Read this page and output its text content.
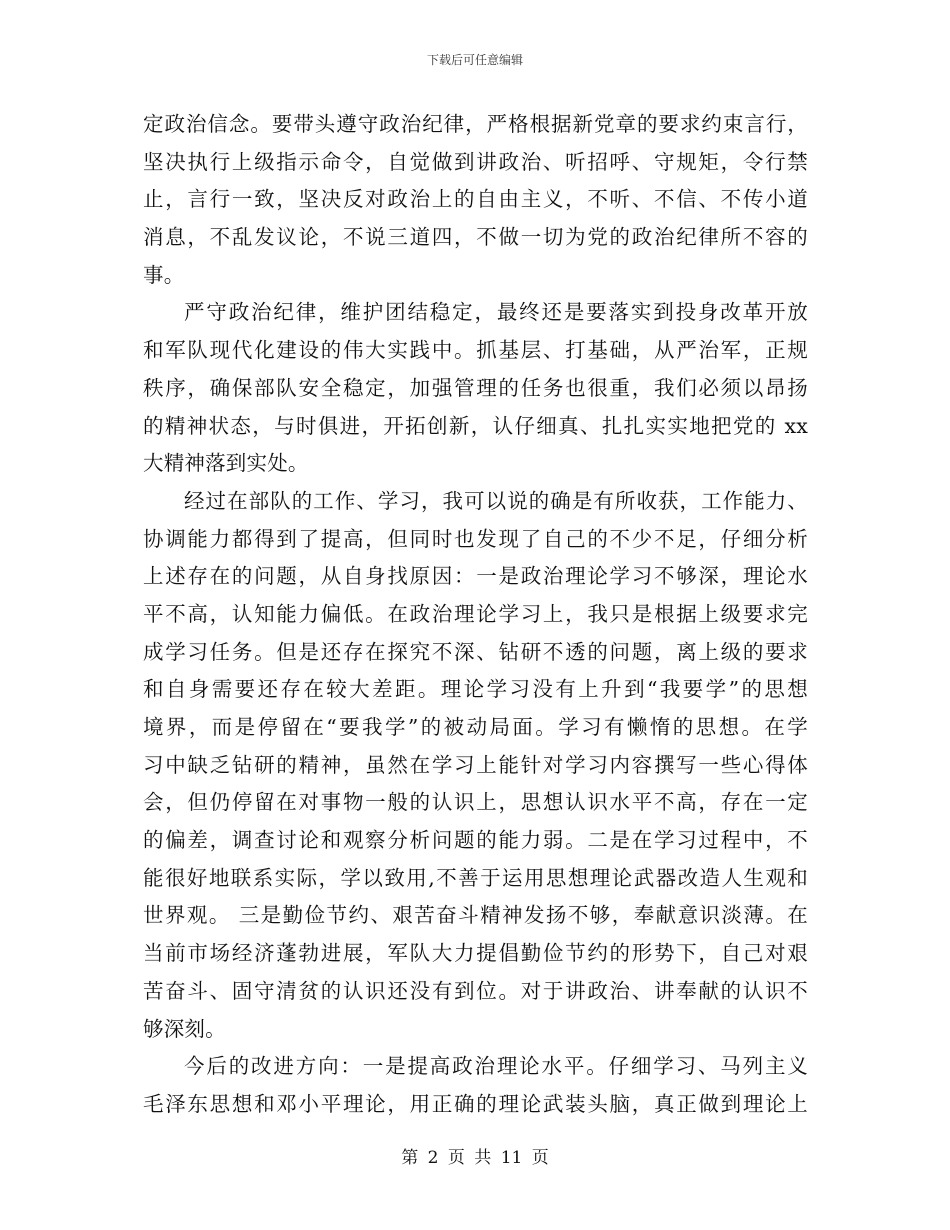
下载后可任意编辑
定政治信念。要带头遵守政治纪律，严格根据新党章的要求约束言行，
坚决执行上级指示命令，自觉做到讲政治、听招呼、守规矩，令行禁
止，言行一致，坚决反对政治上的自由主义，不听、不信、不传小道
消息，不乱发议论，不说三道四，不做一切为党的政治纪律所不容的
事。
严守政治纪律，维护团结稳定，最终还是要落实到投身改革开放
和军队现代化建设的伟大实践中。抓基层、打基础，从严治军，正规
秩序，确保部队安全稳定，加强管理的任务也很重，我们必须以昂扬
的精神状态，与时俱进，开拓创新，认仔细真、扎扎实实地把党的 xx
大精神落到实处。
经过在部队的工作、学习，我可以说的确是有所收获，工作能力、
协调能力都得到了提高，但同时也发现了自己的不少不足，仔细分析
上述存在的问题，从自身找原因：一是政治理论学习不够深，理论水
平不高，认知能力偏低。在政治理论学习上，我只是根据上级要求完
成学习任务。但是还存在探究不深、钻研不透的问题，离上级的要求
和自身需要还存在较大差距。理论学习没有上升到“我要学”的思想
境界，而是停留在“要我学”的被动局面。学习有懒惰的思想。在学
习中缺乏钻研的精神，虽然在学习上能针对学习内容撰写一些心得体
会，但仍停留在对事物一般的认识上，思想认识水平不高，存在一定
的偏差，调查讨论和观察分析问题的能力弱。二是在学习过程中，不
能很好地联系实际，学以致用,不善于运用思想理论武器改造人生观和
世界观。 三是勤俭节约、艰苦奋斗精神发扬不够，奉献意识淡薄。在
当前市场经济蓬勃进展，军队大力提倡勤俭节约的形势下，自己对艰
苦奋斗、固守清贫的认识还没有到位。对于讲政治、讲奉献的认识不
够深刻。
今后的改进方向：一是提高政治理论水平。仔细学习、马列主义
毛泽东思想和邓小平理论，用正确的理论武装头脑，真正做到理论上
第 2 页 共 11 页
